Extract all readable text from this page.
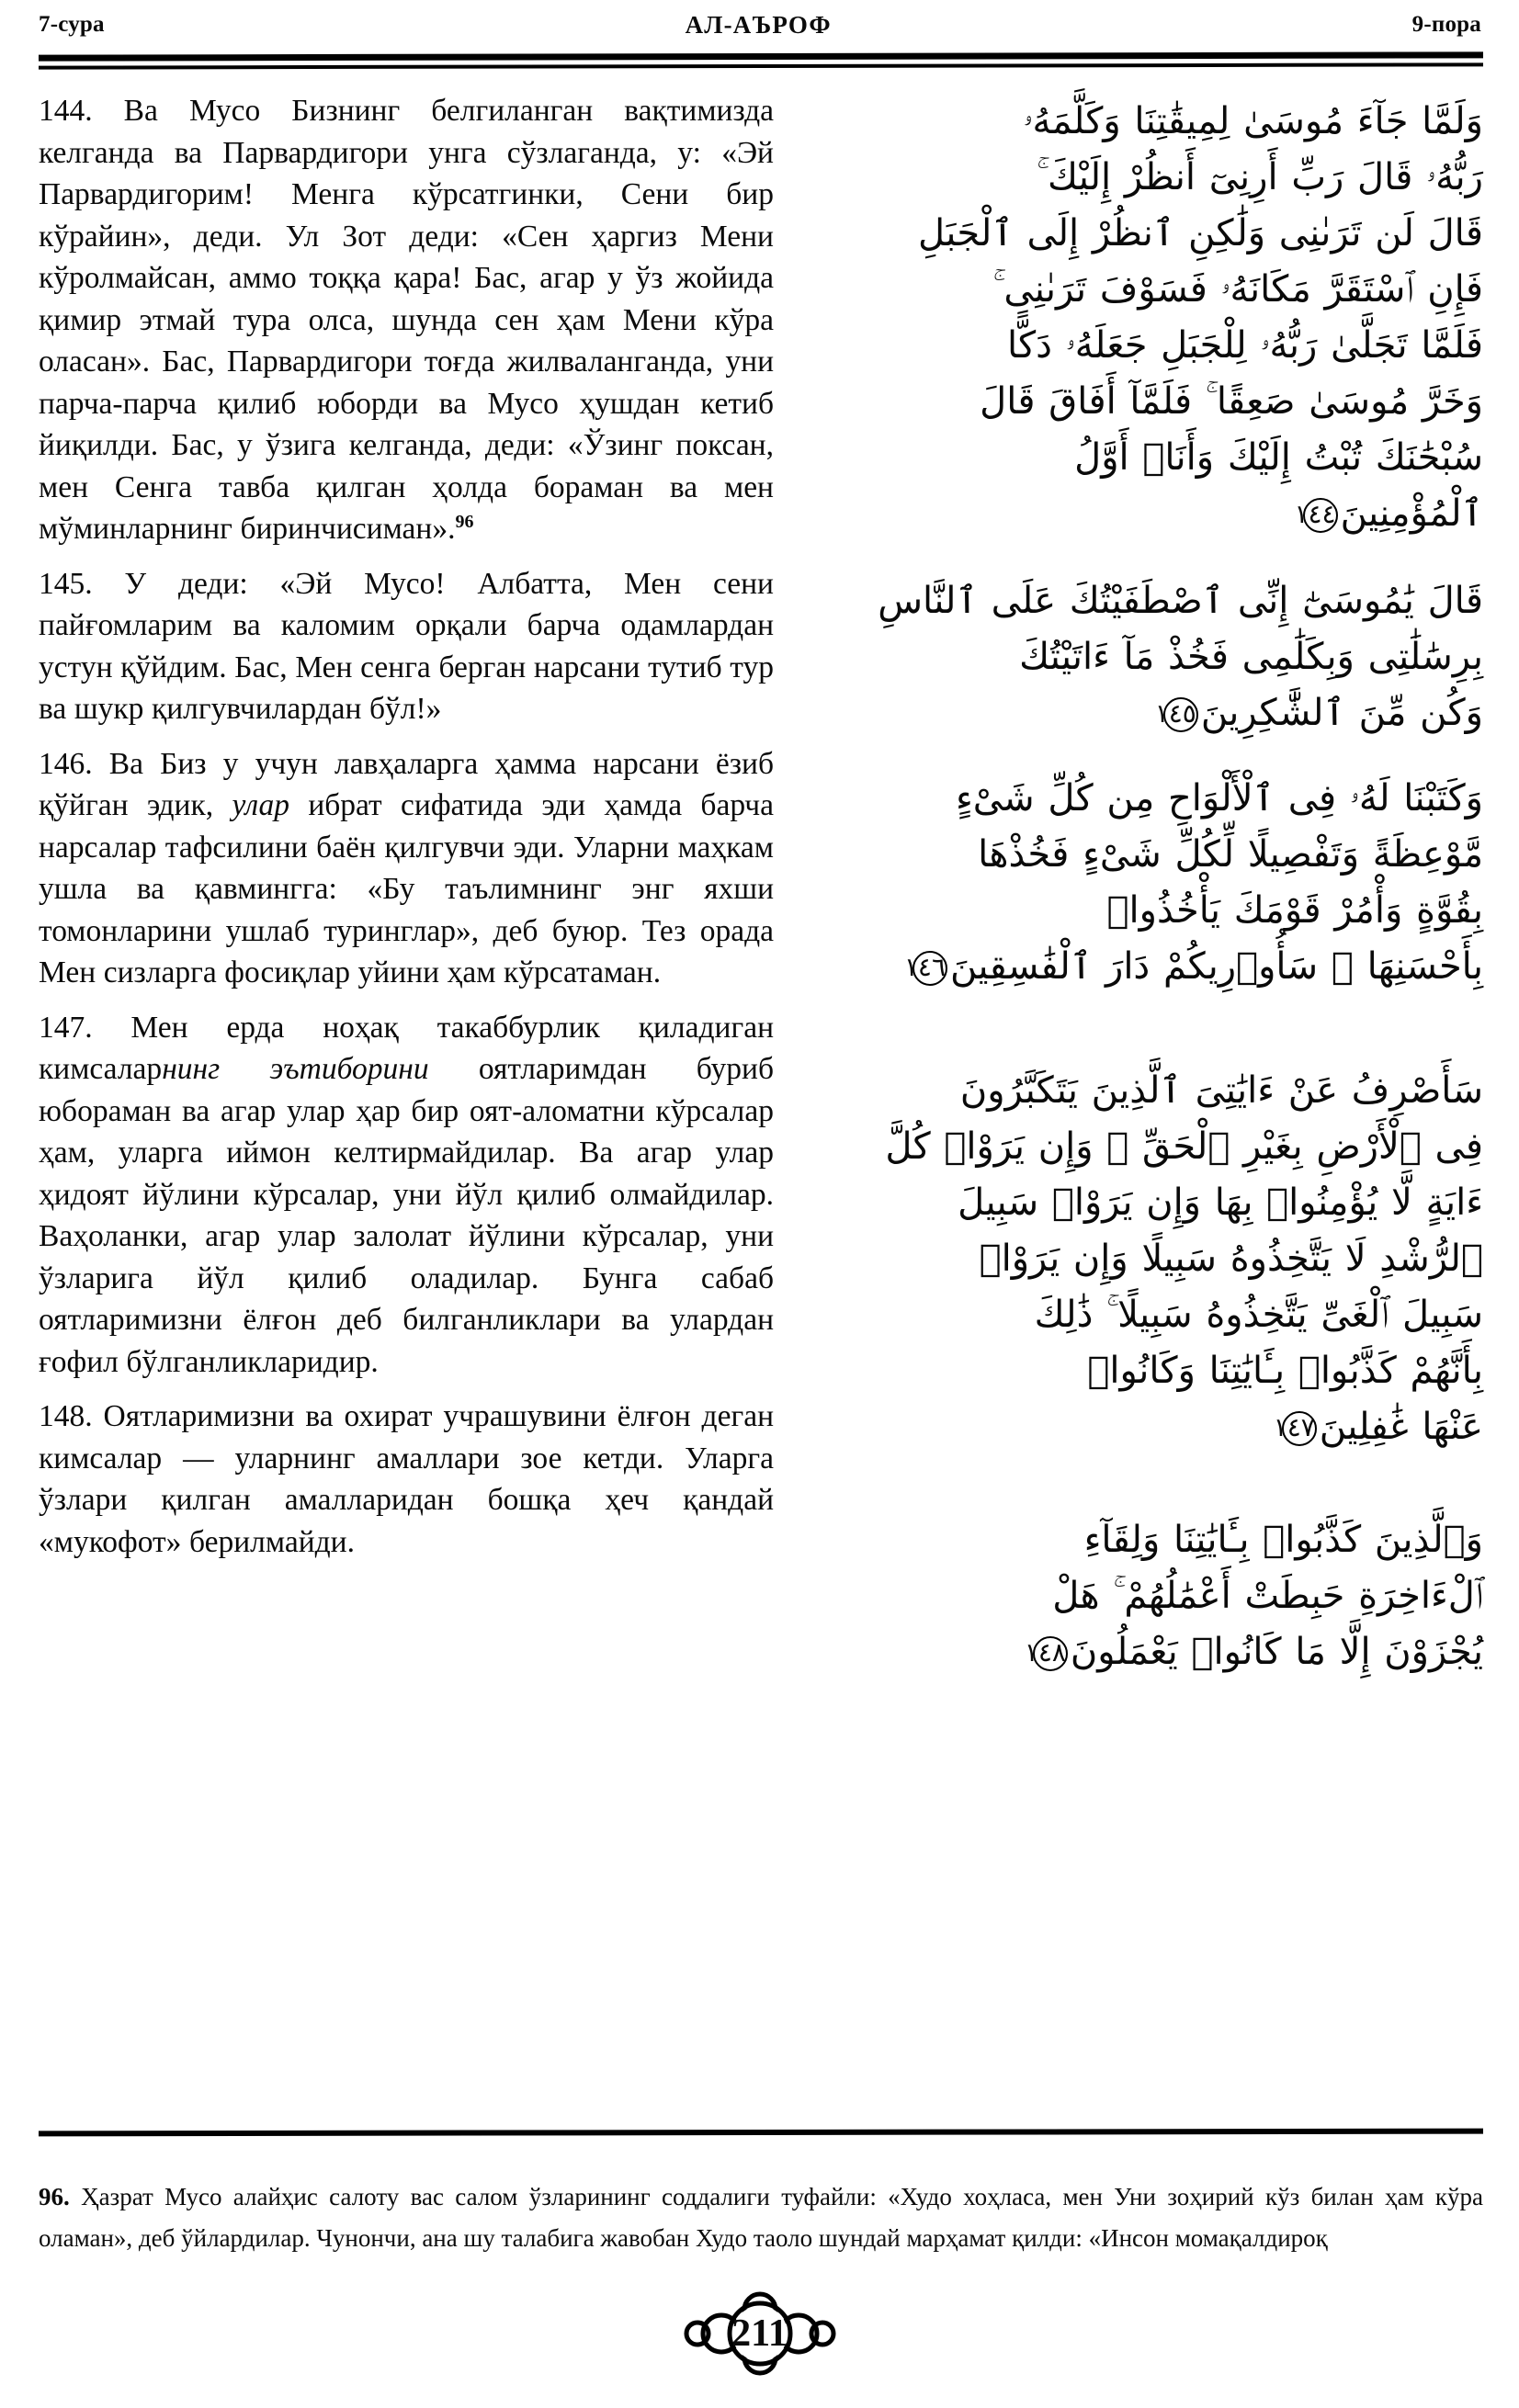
7-сура	АЛ-АЪРОФ	9-пора

144. Ва Мусо Бизнинг белгиланган вақтимизда келганда ва Парвардигори унга сўзлаганда, у: «Эй Парвардигорим! Менга кўрсатгинки, Сени бир кўрайин», деди. Ул Зот деди: «Сен ҳаргиз Мени кўролмайсан, аммо тоққа қара! Бас, агар у ўз жойида қимир этмай тура олса, шунда сен ҳам Мени кўра оласан». Бас, Парвардигори тоғда жилваланганда, уни парча-парча қилиб юборди ва Мусо ҳушдан кетиб йиқилди. Бас, у ўзига келганда, деди: «Ўзинг поксан, мен Сенга тавба қилган ҳолда бораман ва мен мўминларнинг биринчисиман».$^{96}$

145. У деди: «Эй Мусо! Албатта, Мен сени пайғомларим ва каломим орқали барча одамлардан устун қўйдим. Бас, Мен сенга берган нарсани тутиб тур ва шукр қилгувчилардан бўл!»

146. Ва Биз у учун лавҳаларга ҳамма нарсани ёзиб қўйган эдик, улар ибрат сифатида эди ҳамда барча нарсалар тафсилини баён қилгувчи эди. Уларни маҳкам ушла ва қавмингга: «Бу таълимнинг энг яхши томонларини ушлаб туринглар», деб буюр. Тез орада Мен сизларга фосиқлар уйини ҳам кўрсатаман.

147. Мен ерда ноҳақ такаббурлик қиладиган кимсаларнинг эътиборини оятларимдан буриб юбораман ва агар улар ҳар бир оят-аломатни кўрсалар ҳам, уларга иймон келтирмайдилар. Ва агар улар ҳидоят йўлини кўрсалар, уни йўл қилиб олмайдилар. Ваҳоланки, агар улар залолат йўлини кўрсалар, уни ўзларига йўл қилиб оладилар. Бунга сабаб оятларимизни ёлғон деб билганликлари ва улардан ғофил бўлганликларидир.

148. Оятларимизни ва охират учрашувини ёлғон деган кимсалар — уларнинг амаллари зое кетди. Уларга ўзлари қилган амалларидан бошқа ҳеч қандай «мукофот» берилмайди.

وَلَمَّا جَآءَ مُوسَىٰ لِمِيقَٰتِنَا وَكَلَّمَهُۥ
رَبُّهُۥ قَالَ رَبِّ أَرِنِىٓ أَنظُرْ إِلَيْكَ ۚ
قَالَ لَن تَرَىٰنِى وَلَٰكِنِ ٱنظُرْ إِلَى ٱلْجَبَلِ
فَإِنِ ٱسْتَقَرَّ مَكَانَهُۥ فَسَوْفَ تَرَىٰنِى ۚ
فَلَمَّا تَجَلَّىٰ رَبُّهُۥ لِلْجَبَلِ جَعَلَهُۥ دَكًّا
وَخَرَّ مُوسَىٰ صَعِقًا ۚ فَلَمَّآ أَفَاقَ قَالَ
سُبْحَٰنَكَ تُبْتُ إِلَيْكَ وَأَنَا۠ أَوَّلُ
ٱلْمُؤْمِنِينَ١٤٤
قَالَ يَٰمُوسَىٰٓ إِنِّى ٱصْطَفَيْتُكَ عَلَى ٱلنَّاسِ
بِرِسَٰلَٰتِى وَبِكَلَٰمِى فَخُذْ مَآ ءَاتَيْتُكَ
وَكُن مِّنَ ٱلشَّٰكِرِينَ١٤٥
وَكَتَبْنَا لَهُۥ فِى ٱلْأَلْوَاحِ مِن كُلِّ شَىْءٍ
مَّوْعِظَةً وَتَفْصِيلًا لِّكُلِّ شَىْءٍ فَخُذْهَا
بِقُوَّةٍ وَأْمُرْ قَوْمَكَ يَأْخُذُوا۟
بِأَحْسَنِهَا ۚ سَأُو۟رِيكُمْ دَارَ ٱلْفَٰسِقِينَ١٤٦
سَأَصْرِفُ عَنْ ءَايَٰتِىَ ٱلَّذِينَ يَتَكَبَّرُونَ
فِى ٱلْأَرْضِ بِغَيْرِ ٱلْحَقِّ ۚ وَإِن يَرَوْا۟ كُلَّ
ءَايَةٍ لَّا يُؤْمِنُوا۟ بِهَا وَإِن يَرَوْا۟ سَبِيلَ
ٱلرُّشْدِ لَا يَتَّخِذُوهُ سَبِيلًا وَإِن يَرَوْا۟
سَبِيلَ ٱلْغَىِّ يَتَّخِذُوهُ سَبِيلًا ۚ ذَٰلِكَ
بِأَنَّهُمْ كَذَّبُوا۟ بِـَٔايَٰتِنَا وَكَانُوا۟
عَنْهَا غَٰفِلِينَ١٤٧
وَٱلَّذِينَ كَذَّبُوا۟ بِـَٔايَٰتِنَا وَلِقَآءِ
ٱلْءَاخِرَةِ حَبِطَتْ أَعْمَٰلُهُمْ ۚ هَلْ
يُجْزَوْنَ إِلَّا مَا كَانُوا۟ يَعْمَلُونَ١٤٨

96. Ҳазрат Мусо алайҳис салоту вас салом ўзларининг соддалиги туфайли: «Худо хоҳласа, мен Уни зоҳирий кўз билан ҳам кўра оламан», деб ўйлардилар. Чунончи, ана шу талабига жавобан Худо таоло шундай марҳамат қилди: «Инсон момақалдироқ

211
